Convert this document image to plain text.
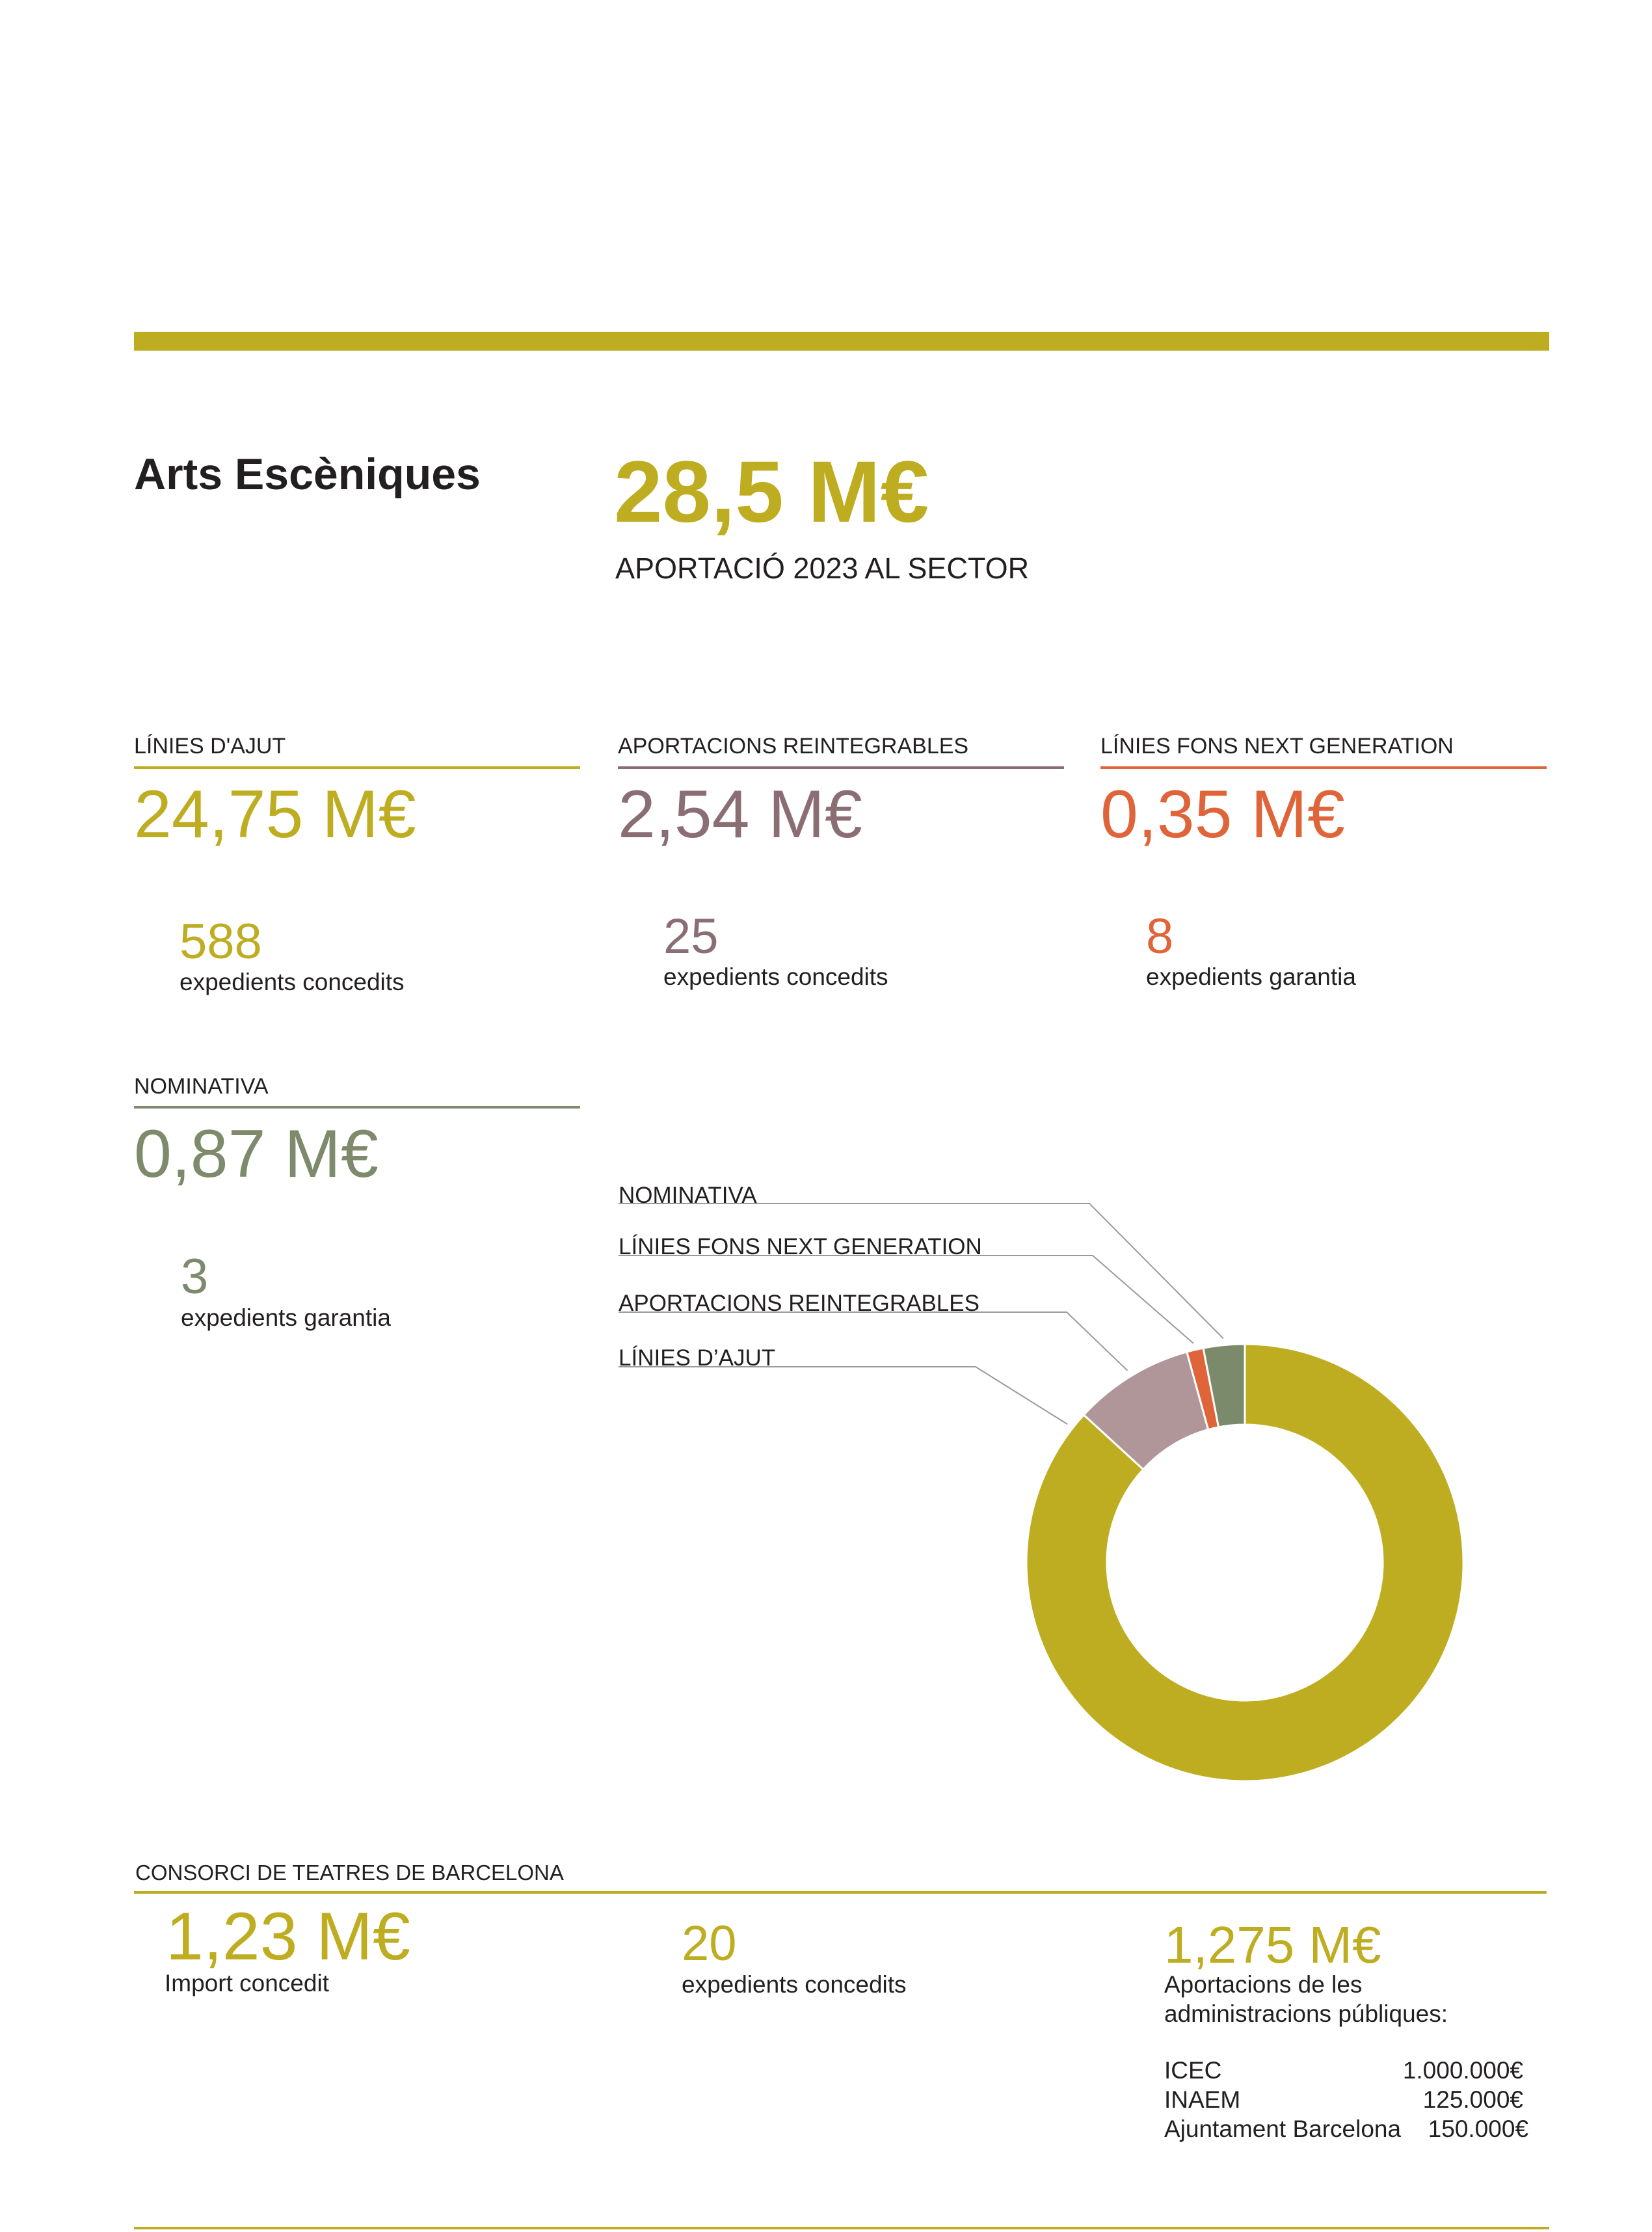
Arts Escèniques 28,5 M€
APORTACIÓ 2023 AL SECTOR
LÍNIES D'AJUT
24,75 M€
588
expedients concedits
APORTACIONS REINTEGRABLES
2,54 M€
25
expedients concedits
LÍNIES FONS NEXT GENERATION
0,35 M€
8
expedients garantia
NOMINATIVA
0,87 M€
3
expedients garantia
NOMINATIVA
LÍNIES FONS NEXT GENERATION
APORTACIONS REINTEGRABLES
LÍNIES D’AJUT
CONSORCI DE TEATRES DE BARCELONA
1,23 M€
Import concedit
20
expedients concedits
1,275 M€
Aportacions de les
administracions públiques:
ICEC	1.000.000€
INAEM	125.000€
Ajuntament Barcelona	150.000€
